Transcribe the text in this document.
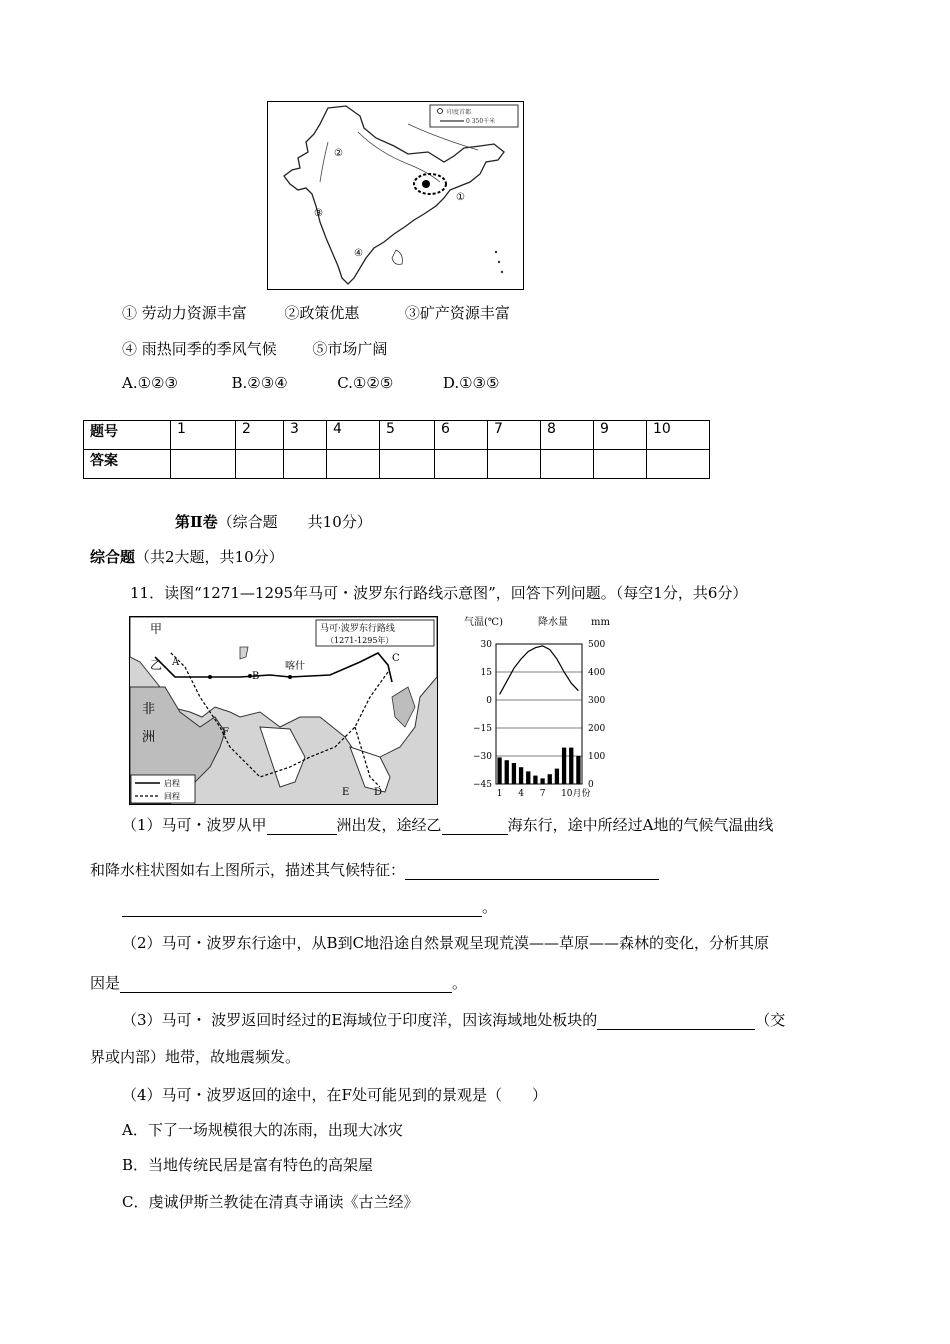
印度首都
0 350千米
①
②
③
④
① 劳动力资源丰富	②政策优惠	③矿产资源丰富
④ 雨热同季的季风气候 ⑤市场广阔
A.①②③	B.②③④	C.①②⑤	D.①③⑤
题号	1	2	3	4	5	6	7	8	9	10
答案										
第Ⅱ卷（综合题　　共10分）
综合题（共2大题，共10分）
11．读图“1271—1295年马可・波罗东行路线示意图”，回答下列问题。（每空1分，共6分）
马可·波罗东行路线
（1271-1295年）
甲
乙
非
洲
A
B
喀什
C
D
E
F
启程
回程
气温(℃)	降水量 mm
30
15
0
−15
−30
−45
500
400
300
200
100
0
1 4 7 10月份
（1）马可・波罗从甲	洲出发，途经乙	海东行，途中所经过A地的气候气温曲线
和降水柱状图如右上图所示，描述其气候特征：
。
（2）马可・波罗东行途中，从B到C地沿途自然景观呈现荒漠——草原——森林的变化，分析其原
因是	。
（3）马可・ 波罗返回时经过的E海域位于印度洋，因该海域地处板块的	（交
界或内部）地带，故地震频发。
（4）马可・波罗返回的途中，在F处可能见到的景观是（　　）
A．下了一场规模很大的冻雨，出现大冰灾
B．当地传统民居是富有特色的高架屋
C．虔诚伊斯兰教徒在清真寺诵读《古兰经》
